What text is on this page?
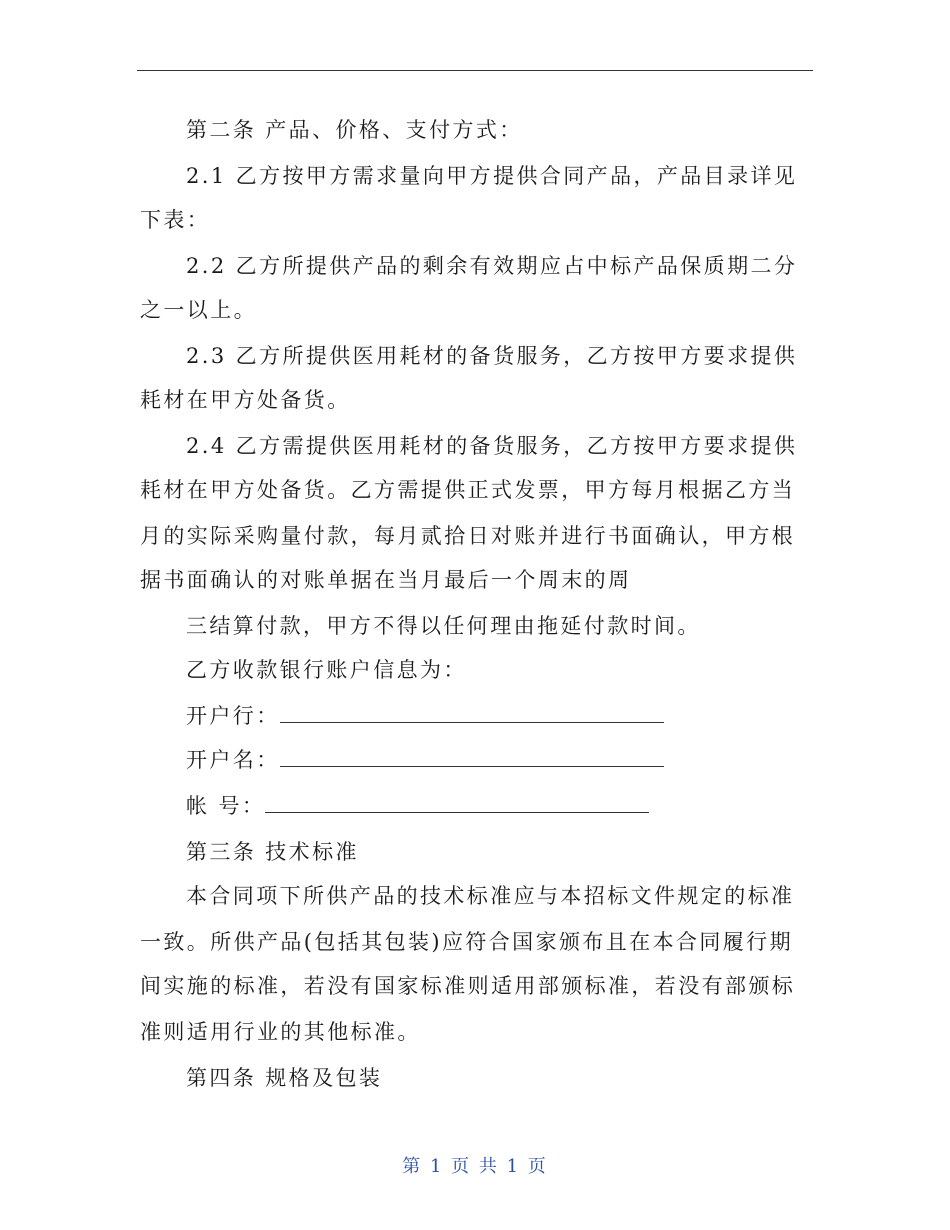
第二条 产品、价格、支付方式：
2.1 乙方按甲方需求量向甲方提供合同产品，产品目录详见
下表：
2.2 乙方所提供产品的剩余有效期应占中标产品保质期二分
之一以上。
2.3 乙方所提供医用耗材的备货服务，乙方按甲方要求提供
耗材在甲方处备货。
2.4 乙方需提供医用耗材的备货服务，乙方按甲方要求提供
耗材在甲方处备货。乙方需提供正式发票，甲方每月根据乙方当
月的实际采购量付款，每月贰拾日对账并进行书面确认，甲方根
据书面确认的对账单据在当月最后一个周末的周
三结算付款，甲方不得以任何理由拖延付款时间。
乙方收款银行账户信息为：
开户行：
开户名：
帐 号：
第三条 技术标准
本合同项下所供产品的技术标准应与本招标文件规定的标准
一致。所供产品(包括其包装)应符合国家颁布且在本合同履行期
间实施的标准，若没有国家标准则适用部颁标准，若没有部颁标
准则适用行业的其他标准。
第四条 规格及包装
第 1 页 共 1 页
